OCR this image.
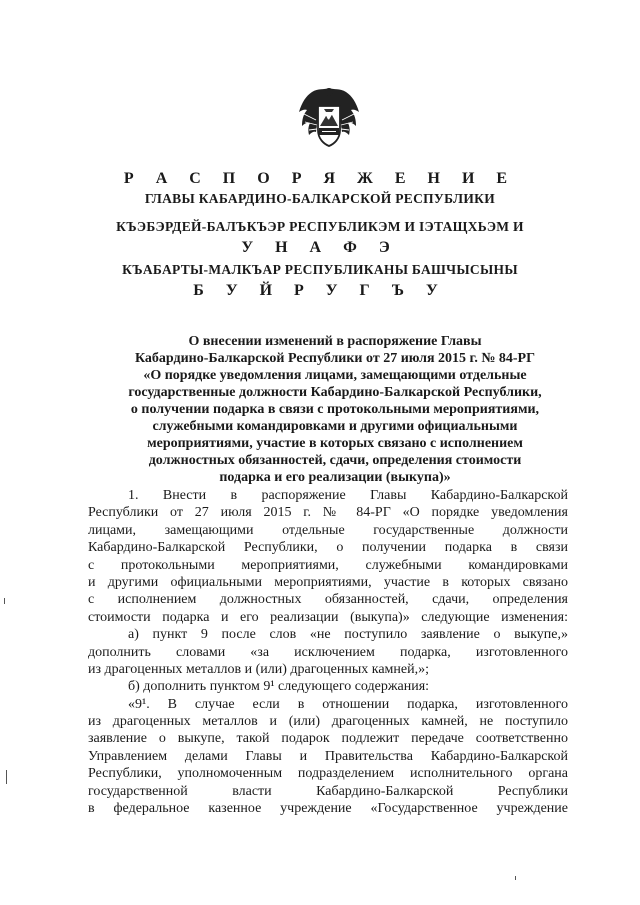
Р А С П О Р Я Ж Е Н И Е
ГЛАВЫ КАБАРДИНО-БАЛКАРСКОЙ РЕСПУБЛИКИ
КЪЭБЭРДЕЙ-БАЛЪКЪЭР РЕСПУБЛИКЭМ И ІЭТАЩХЬЭМ И
У Н А Ф Э
КЪАБАРТЫ-МАЛКЪАР РЕСПУБЛИКАНЫ БАШЧЫСЫНЫ
Б У Й Р У Г Ъ У
О внесении изменений в распоряжение Главы
Кабардино-Балкарской Республики от 27 июля 2015 г. № 84-РГ
«О порядке уведомления лицами, замещающими отдельные
государственные должности Кабардино-Балкарской Республики,
о получении подарка в связи с протокольными мероприятиями,
служебными командировками и другими официальными
мероприятиями, участие в которых связано с исполнением
должностных обязанностей, сдачи, определения стоимости
подарка и его реализации (выкупа)»
1. Внести в распоряжение Главы Кабардино-Балкарской
Республики от 27 июля 2015 г. № 84-РГ «О порядке уведомления
лицами, замещающими отдельные государственные должности
Кабардино-Балкарской Республики, о получении подарка в связи
с протокольными мероприятиями, служебными командировками
и другими официальными мероприятиями, участие в которых связано
с исполнением должностных обязанностей, сдачи, определения
стоимости подарка и его реализации (выкупа)» следующие изменения:
а) пункт 9 после слов «не поступило заявление о выкупе,»
дополнить словами «за исключением подарка, изготовленного
из драгоценных металлов и (или) драгоценных камней,»;
б) дополнить пунктом 9¹ следующего содержания:
«9¹. В случае если в отношении подарка, изготовленного
из драгоценных металлов и (или) драгоценных камней, не поступило
заявление о выкупе, такой подарок подлежит передаче соответственно
Управлением делами Главы и Правительства Кабардино-Балкарской
Республики, уполномоченным подразделением исполнительного органа
государственной власти Кабардино-Балкарской Республики
в федеральное казенное учреждение «Государственное учреждение
